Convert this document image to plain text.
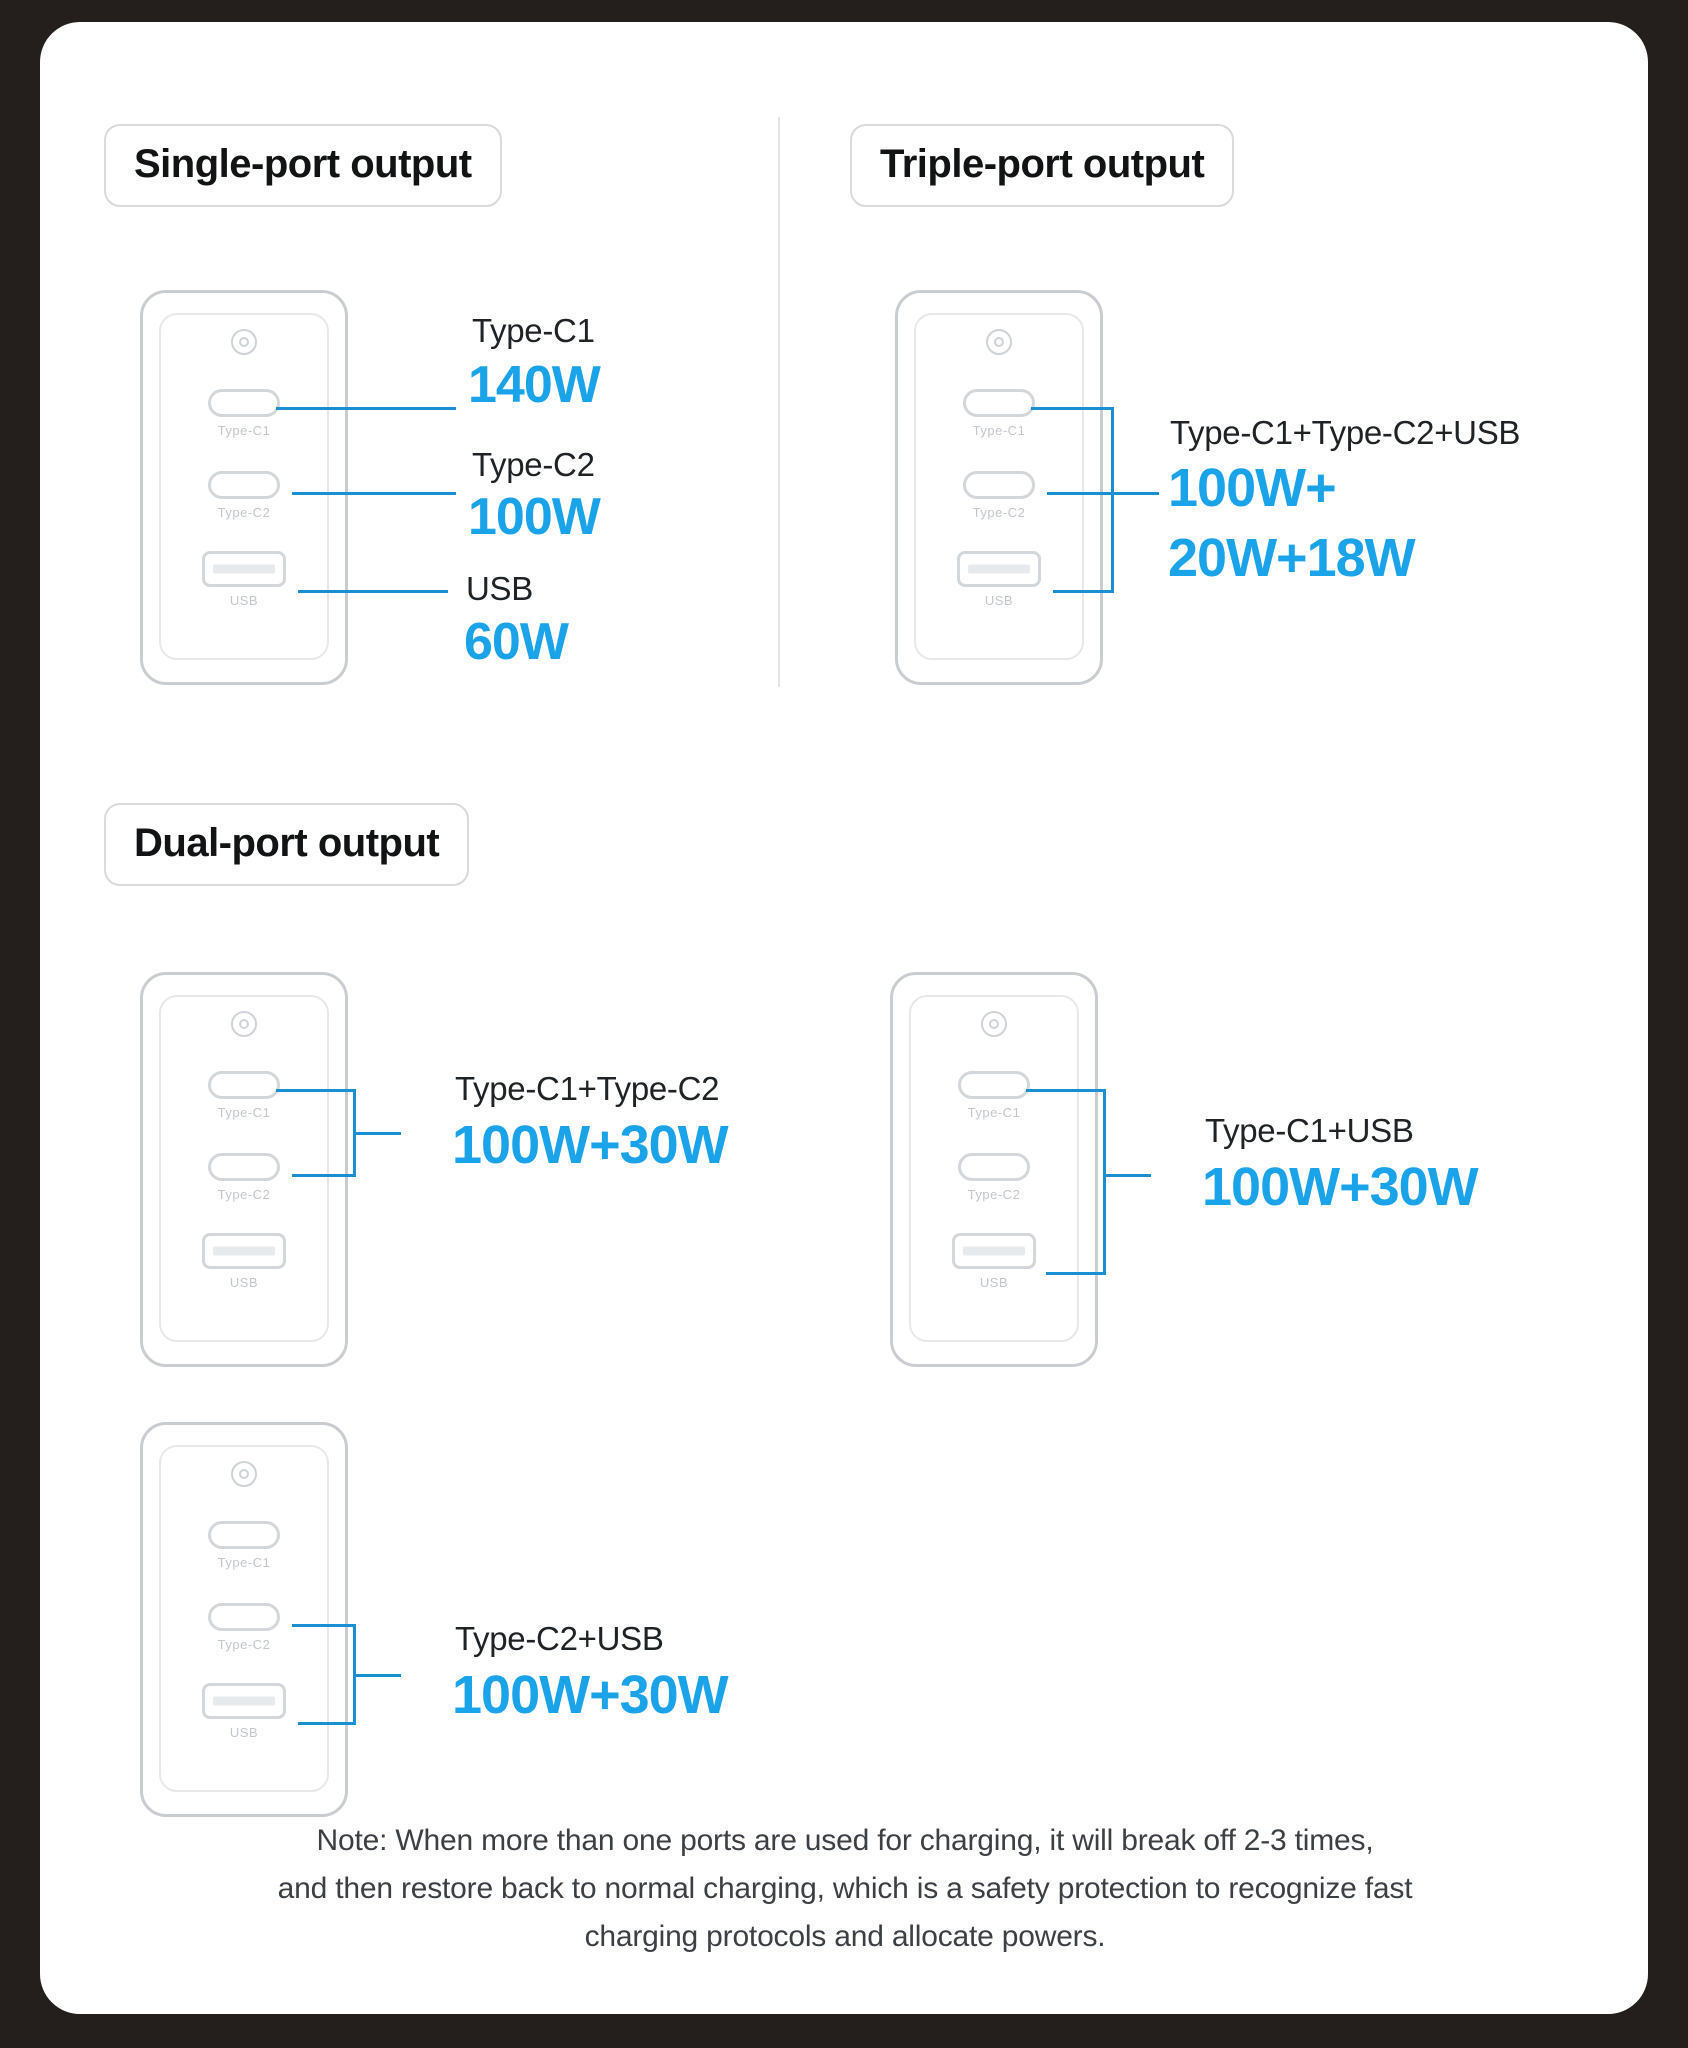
Single-port output	Triple-port output
Dual-port output
Type-C1
Type-C2
USB
Type-C1
140W
Type-C2
100W
USB
60W
Type-C1
Type-C2
USB
Type-C1+Type-C2+USB
100W+
20W+18W
Type-C1
Type-C2
USB
Type-C1+Type-C2
100W+30W
Type-C1
Type-C2
USB
Type-C1+USB
100W+30W
Type-C1
Type-C2
USB
Type-C2+USB
100W+30W
Note: When more than one ports are used for charging, it will break off 2-3 times,
and then restore back to normal charging, which is a safety protection to recognize fast
charging protocols and allocate powers.
